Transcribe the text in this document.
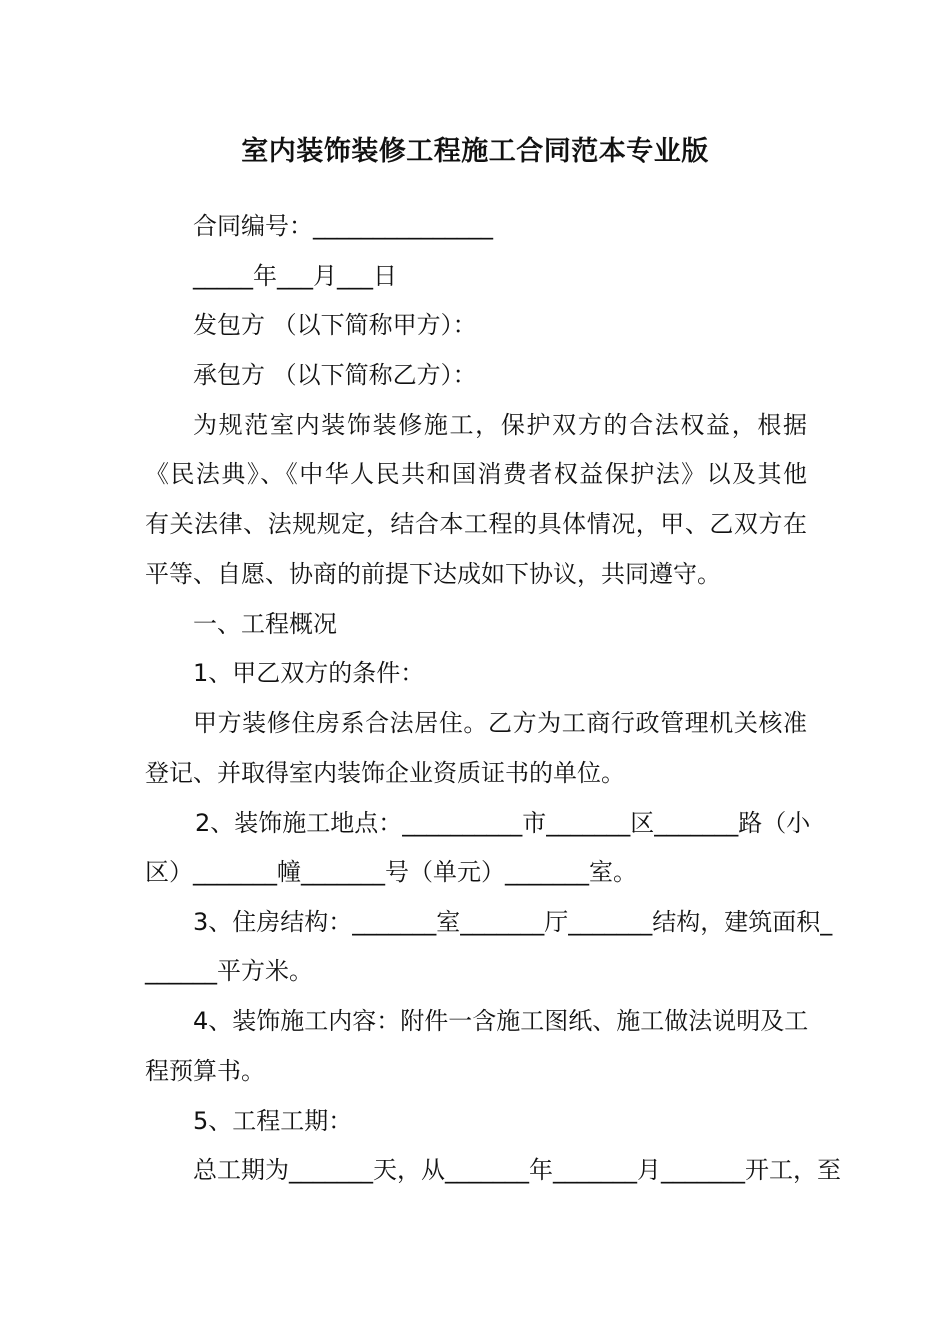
室内装饰装修工程施工合同范本专业版
合同编号：_______________
_____年___月___日
发包方 （以下简称甲方）：
承包方 （以下简称乙方）：
为规范室内装饰装修施工，保护双方的合法权益，根据
《民法典》、《中华人民共和国消费者权益保护法》以及其他
有关法律、法规规定，结合本工程的具体情况，甲、乙双方在
平等、自愿、协商的前提下达成如下协议，共同遵守。
一、工程概况
1、甲乙双方的条件：
甲方装修住房系合法居住。乙方为工商行政管理机关核准
登记、并取得室内装饰企业资质证书的单位。
2、装饰施工地点：__________市_______区_______路（小
区）_______幢_______号（单元）_______室。
3、住房结构：_______室_______厅_______结构，建筑面积_
______平方米。
4、装饰施工内容：附件一含施工图纸、施工做法说明及工
程预算书。
5、工程工期：
总工期为_______天，从_______年_______月_______开工，至
